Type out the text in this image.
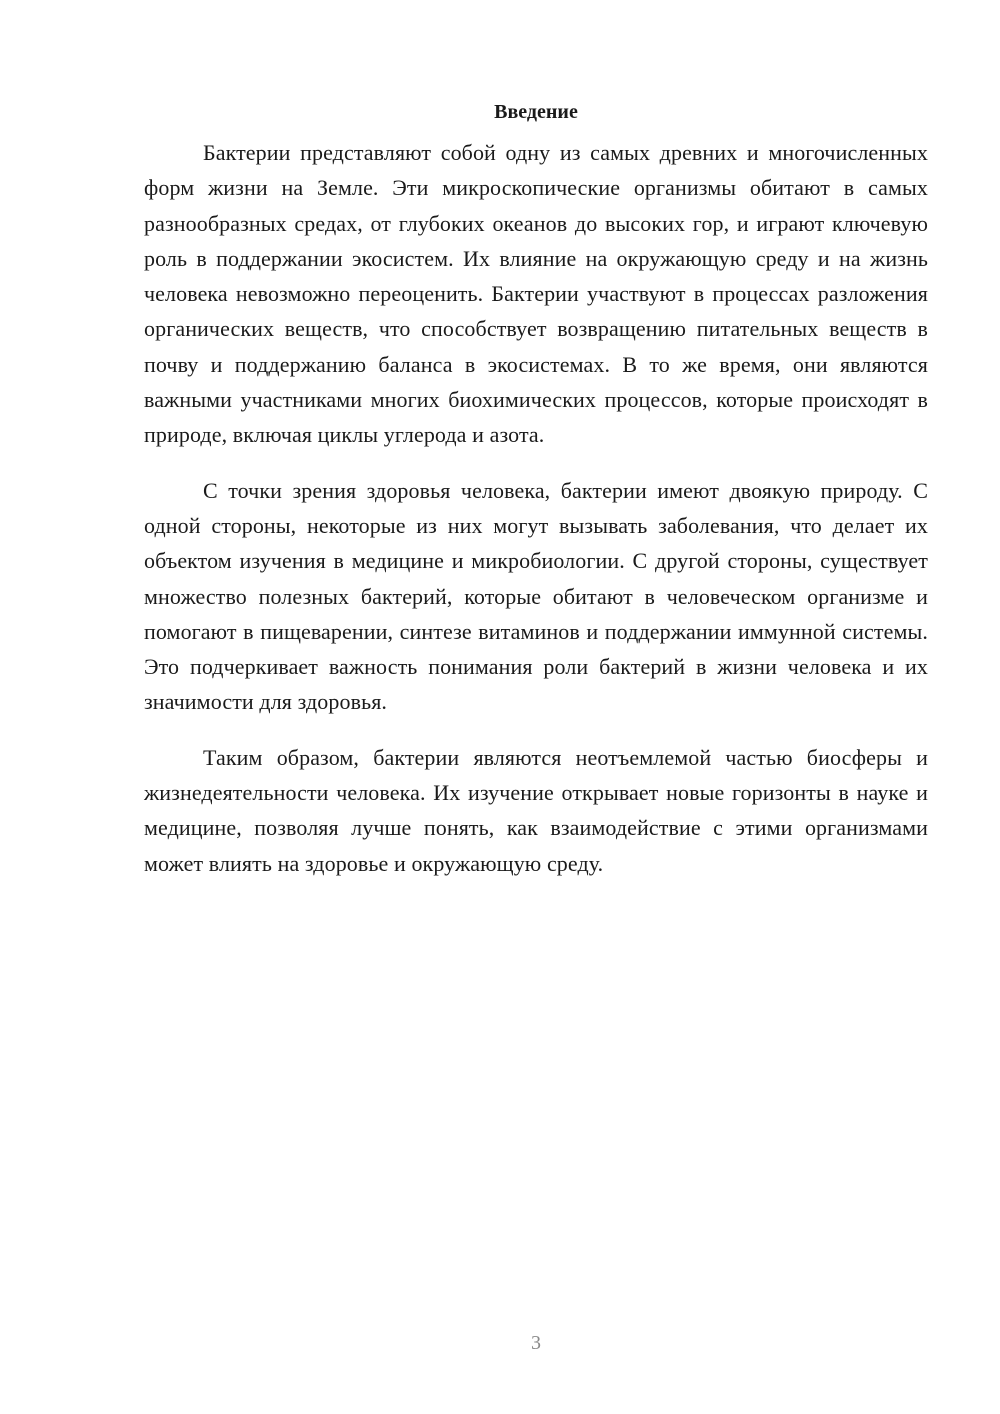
Введение

Бактерии представляют собой одну из самых древних и многочисленных форм жизни на Земле. Эти микроскопические организмы обитают в самых разнообразных средах, от глубоких океанов до высоких гор, и играют ключевую роль в поддержании экосистем. Их влияние на окружающую среду и на жизнь человека невозможно переоценить. Бактерии участвуют в процессах разложения органических веществ, что способствует возвращению питательных веществ в почву и поддержанию баланса в экосистемах. В то же время, они являются важными участниками многих биохимических процессов, которые происходят в природе, включая циклы углерода и азота.

С точки зрения здоровья человека, бактерии имеют двоякую природу. С одной стороны, некоторые из них могут вызывать заболевания, что делает их объектом изучения в медицине и микробиологии. С другой стороны, существует множество полезных бактерий, которые обитают в человеческом организме и помогают в пищеварении, синтезе витаминов и поддержании иммунной системы. Это подчеркивает важность понимания роли бактерий в жизни человека и их значимости для здоровья.

Таким образом, бактерии являются неотъемлемой частью биосферы и жизнедеятельности человека. Их изучение открывает новые горизонты в науке и медицине, позволяя лучше понять, как взаимодействие с этими организмами может влиять на здоровье и окружающую среду.

3
